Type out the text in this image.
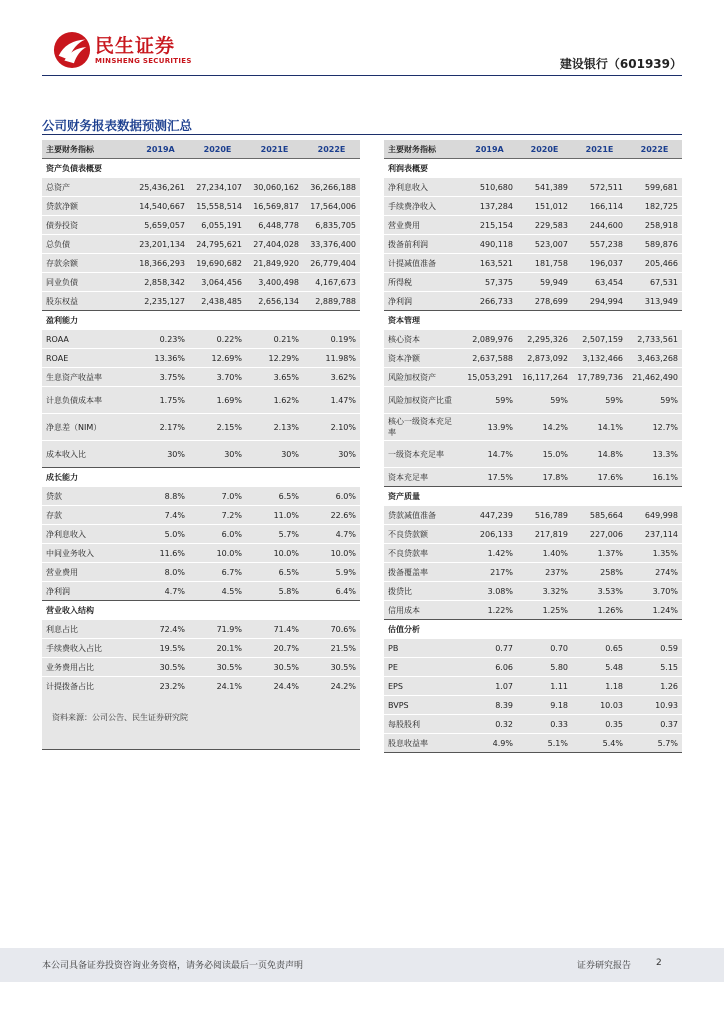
民生证券
MINSHENG SECURITIES	建设银行（601939）
公司财务报表数据预测汇总
主要财务指标	2019A	2020E	2021E	2022E
资产负债表概要				
总资产	25,436,261	27,234,107	30,060,162	36,266,188
贷款净额	14,540,667	15,558,514	16,569,817	17,564,006
债券投资	5,659,057	6,055,191	6,448,778	6,835,705
总负债	23,201,134	24,795,621	27,404,028	33,376,400
存款余额	18,366,293	19,690,682	21,849,920	26,779,404
同业负债	2,858,342	3,064,456	3,400,498	4,167,673
股东权益	2,235,127	2,438,485	2,656,134	2,889,788
盈利能力				
ROAA	0.23%	0.22%	0.21%	0.19%
ROAE	13.36%	12.69%	12.29%	11.98%
生息资产收益率	3.75%	3.70%	3.65%	3.62%
计息负债成本率	1.75%	1.69%	1.62%	1.47%
净息差（NIM）	2.17%	2.15%	2.13%	2.10%
成本收入比	30%	30%	30%	30%
成长能力				
贷款	8.8%	7.0%	6.5%	6.0%
存款	7.4%	7.2%	11.0%	22.6%
净利息收入	5.0%	6.0%	5.7%	4.7%
中间业务收入	11.6%	10.0%	10.0%	10.0%
营业费用	8.0%	6.7%	6.5%	5.9%
净利润	4.7%	4.5%	5.8%	6.4%
营业收入结构				
利息占比	72.4%	71.9%	71.4%	70.6%
手续费收入占比	19.5%	20.1%	20.7%	21.5%
业务费用占比	30.5%	30.5%	30.5%	30.5%
计提拨备占比	23.2%	24.1%	24.4%	24.2%

主要财务指标	2019A	2020E	2021E	2022E
利润表概要				
净利息收入	510,680	541,389	572,511	599,681
手续费净收入	137,284	151,012	166,114	182,725
营业费用	215,154	229,583	244,600	258,918
拨备前利润	490,118	523,007	557,238	589,876
计提减值准备	163,521	181,758	196,037	205,466
所得税	57,375	59,949	63,454	67,531
净利润	266,733	278,699	294,994	313,949
资本管理				
核心资本	2,089,976	2,295,326	2,507,159	2,733,561
资本净额	2,637,588	2,873,092	3,132,466	3,463,268
风险加权资产	15,053,291	16,117,264	17,789,736	21,462,490
风险加权资产比重	59%	59%	59%	59%
核心一级资本充足率	13.9%	14.2%	14.1%	12.7%
一级资本充足率	14.7%	15.0%	14.8%	13.3%
资本充足率	17.5%	17.8%	17.6%	16.1%
资产质量				
贷款减值准备	447,239	516,789	585,664	649,998
不良贷款额	206,133	217,819	227,006	237,114
不良贷款率	1.42%	1.40%	1.37%	1.35%
拨备覆盖率	217%	237%	258%	274%
拨贷比	3.08%	3.32%	3.53%	3.70%
信用成本	1.22%	1.25%	1.26%	1.24%
估值分析				
PB	0.77	0.70	0.65	0.59
PE	6.06	5.80	5.48	5.15
EPS	1.07	1.11	1.18	1.26
BVPS	8.39	9.18	10.03	10.93
每股股利	0.32	0.33	0.35	0.37
股息收益率	4.9%	5.1%	5.4%	5.7%
资料来源：公司公告、民生证券研究院
本公司具备证券投资咨询业务资格，请务必阅读最后一页免责声明	证券研究报告	2
